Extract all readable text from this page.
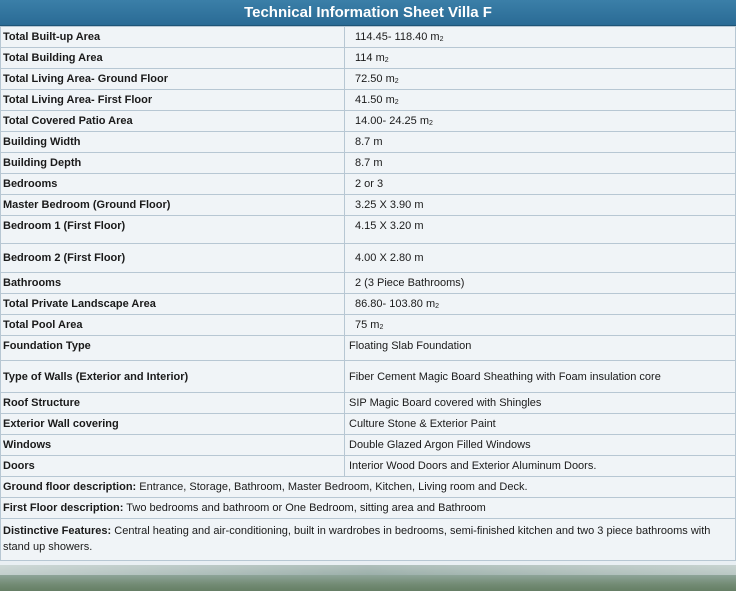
Technical Information Sheet Villa F
Total Built-up Area	114.45- 118.40 m2
Total Building Area	114 m2
Total Living Area- Ground Floor	72.50 m2
Total Living Area- First Floor	41.50 m2
Total Covered Patio Area	14.00- 24.25 m2
Building Width	8.7 m
Building Depth	8.7 m
Bedrooms	2 or 3
Master Bedroom (Ground Floor)	3.25 X 3.90 m
Bedroom 1 (First Floor)	4.15 X 3.20 m
Bedroom 2 (First Floor)	4.00 X 2.80 m
Bathrooms	2 (3 Piece Bathrooms)
Total Private Landscape Area	86.80- 103.80 m2
Total Pool Area	75 m2
Foundation Type	Floating Slab Foundation
Type of Walls (Exterior and Interior)	Fiber Cement Magic Board Sheathing with Foam insulation core
Roof Structure	SIP Magic Board covered with Shingles
Exterior Wall covering	Culture Stone & Exterior Paint
Windows	Double Glazed Argon Filled Windows
Doors	Interior Wood Doors and Exterior Aluminum Doors.
Ground floor description: Entrance, Storage, Bathroom, Master Bedroom, Kitchen, Living room and Deck.	
First Floor description: Two bedrooms and bathroom or One Bedroom, sitting area and Bathroom	
Distinctive Features: Central heating and air-conditioning, built in wardrobes in bedrooms, semi-finished kitchen and two 3 piece bathrooms with stand up showers.	
